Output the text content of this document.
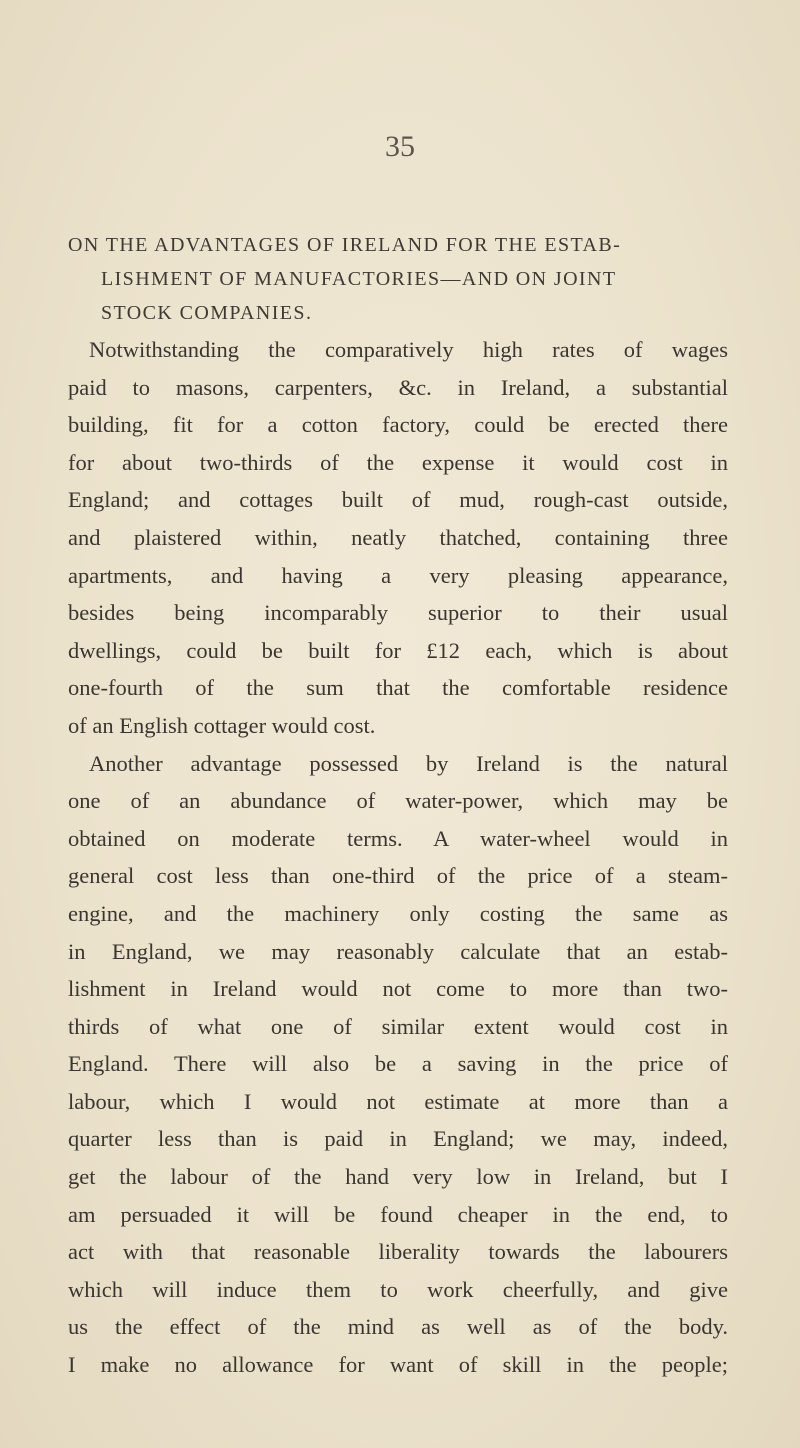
35
ON THE ADVANTAGES OF IRELAND FOR THE ESTAB-
LISHMENT OF MANUFACTORIES—AND ON JOINT
STOCK COMPANIES.
Notwithstanding the comparatively high rates of wages
paid to masons, carpenters, &c. in Ireland, a substantial
building, fit for a cotton factory, could be erected there
for about two-thirds of the expense it would cost in
England; and cottages built of mud, rough-cast outside,
and plaistered within, neatly thatched, containing three
apartments, and having a very pleasing appearance,
besides being incomparably superior to their usual
dwellings, could be built for £12 each, which is about
one-fourth of the sum that the comfortable residence
of an English cottager would cost.
Another advantage possessed by Ireland is the natural
one of an abundance of water-power, which may be
obtained on moderate terms. A water-wheel would in
general cost less than one-third of the price of a steam-
engine, and the machinery only costing the same as
in England, we may reasonably calculate that an estab-
lishment in Ireland would not come to more than two-
thirds of what one of similar extent would cost in
England. There will also be a saving in the price of
labour, which I would not estimate at more than a
quarter less than is paid in England; we may, indeed,
get the labour of the hand very low in Ireland, but I
am persuaded it will be found cheaper in the end, to
act with that reasonable liberality towards the labourers
which will induce them to work cheerfully, and give
us the effect of the mind as well as of the body.
I make no allowance for want of skill in the people;
